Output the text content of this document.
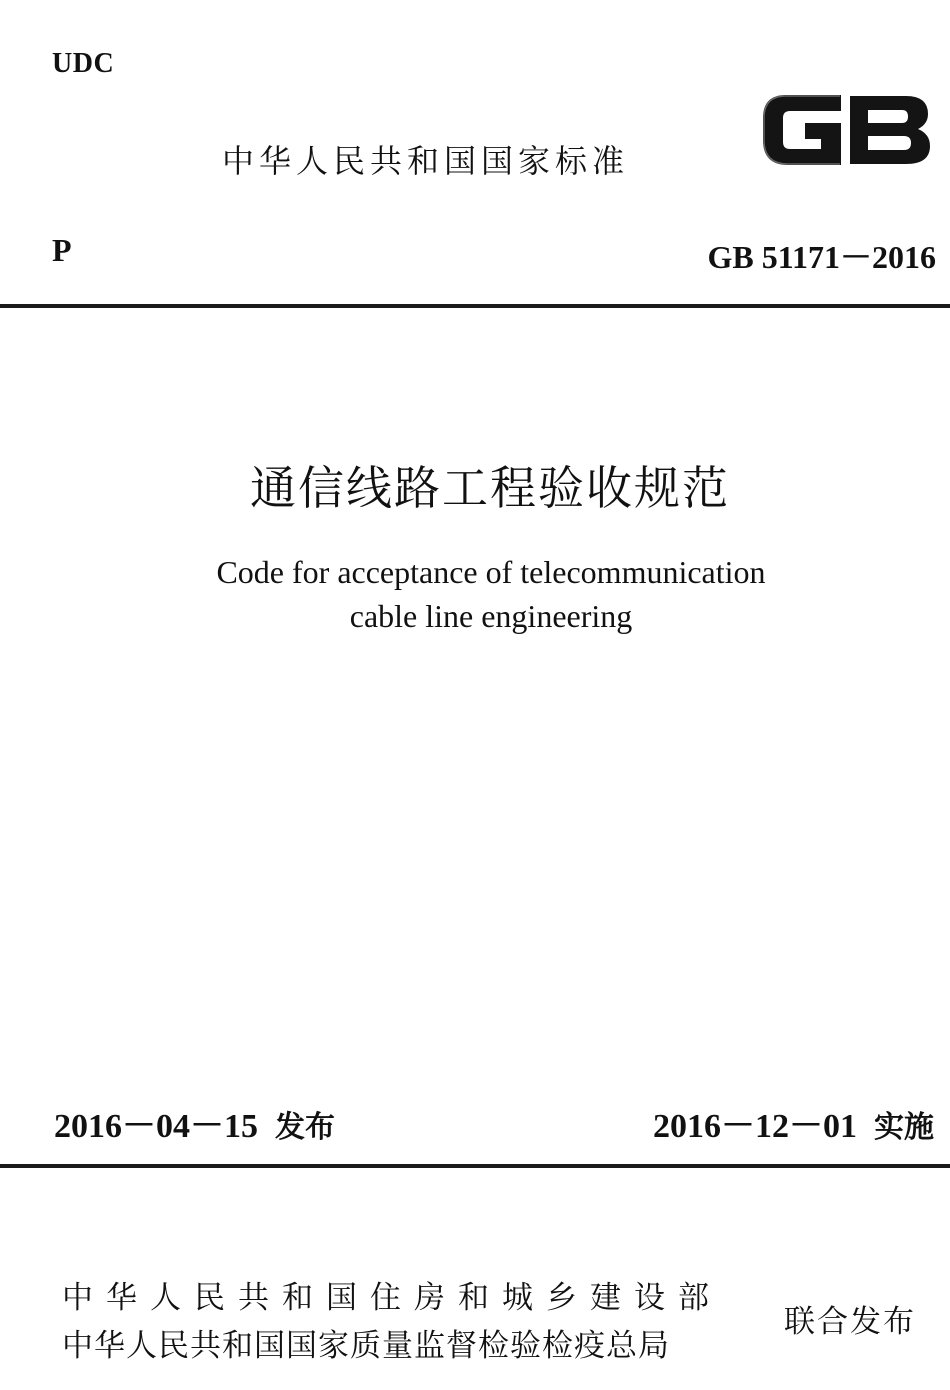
UDC
中华人民共和国国家标准
P	GB 51171－2016
通信线路工程验收规范
Code for acceptance of telecommunication
cable line engineering
2016－04－15 发布	2016－12－01 实施
中华人民共和国住房和城乡建设部
中华人民共和国国家质量监督检验检疫总局
联合发布
